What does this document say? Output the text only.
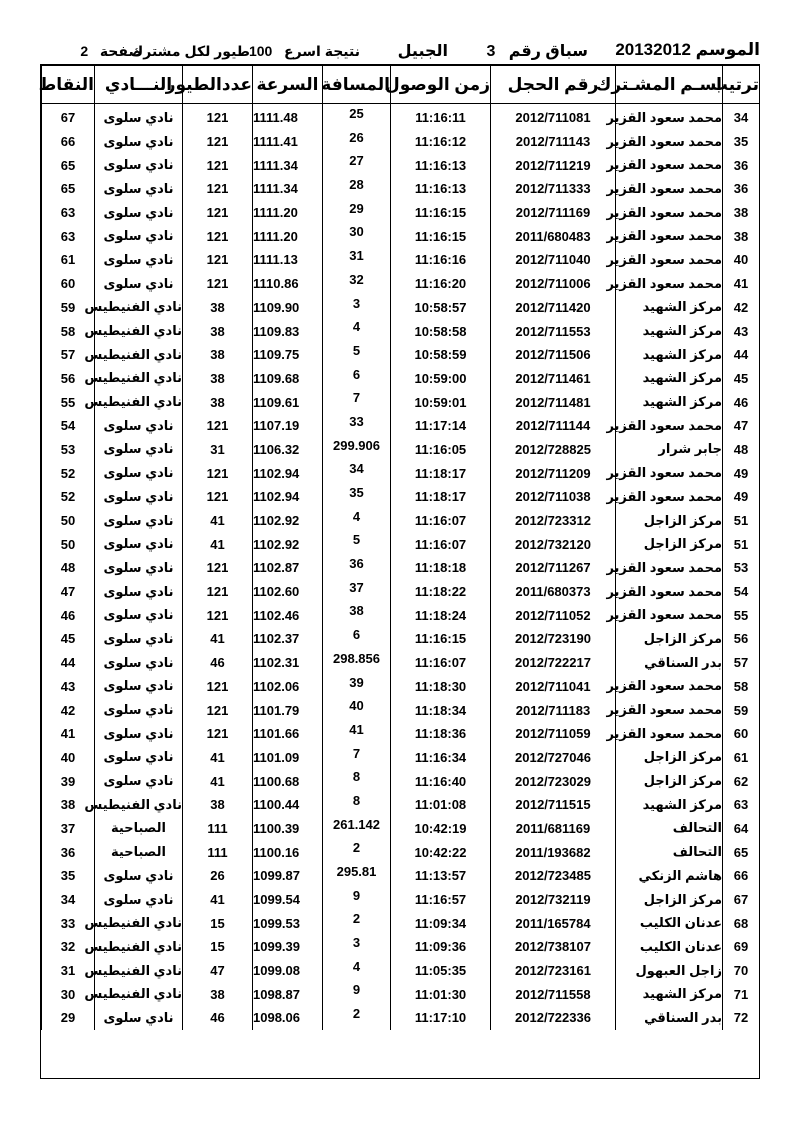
الموسم 20132012
سباق رقم   3
الجبيل
نتيجة اسرع   100
طيور لكل مشترك
صفحة   2
ترتيب	اسـم المشـترك	رقم الحجل	زمن الوصول	المسافة	السرعة	عددالطيور	النـــادي	النقاط
34	محمد سعود القزير	2012/711081	11:16:11	25	1111.48	121	نادي سلوى	67
35	محمد سعود القزير	2012/711143	11:16:12	26	1111.41	121	نادي سلوى	66
36	محمد سعود القزير	2012/711219	11:16:13	27	1111.34	121	نادي سلوى	65
36	محمد سعود القزير	2012/711333	11:16:13	28	1111.34	121	نادي سلوى	65
38	محمد سعود القزير	2012/711169	11:16:15	29	1111.20	121	نادي سلوى	63
38	محمد سعود القزير	2011/680483	11:16:15	30	1111.20	121	نادي سلوى	63
40	محمد سعود القزير	2012/711040	11:16:16	31	1111.13	121	نادي سلوى	61
41	محمد سعود القزير	2012/711006	11:16:20	32	1110.86	121	نادي سلوى	60
42	مركز الشهيد	2012/711420	10:58:57	3	1109.90	38	نادي الفنيطيس	59
43	مركز الشهيد	2012/711553	10:58:58	4	1109.83	38	نادي الفنيطيس	58
44	مركز الشهيد	2012/711506	10:58:59	5	1109.75	38	نادي الفنيطيس	57
45	مركز الشهيد	2012/711461	10:59:00	6	1109.68	38	نادي الفنيطيس	56
46	مركز الشهيد	2012/711481	10:59:01	7	1109.61	38	نادي الفنيطيس	55
47	محمد سعود القزير	2012/711144	11:17:14	33	1107.19	121	نادي سلوى	54
48	جابر شرار	2012/728825	11:16:05	299.906	1106.32	31	نادي سلوى	53
49	محمد سعود القزير	2012/711209	11:18:17	34	1102.94	121	نادي سلوى	52
49	محمد سعود القزير	2012/711038	11:18:17	35	1102.94	121	نادي سلوى	52
51	مركز الزاجل	2012/723312	11:16:07	4	1102.92	41	نادي سلوى	50
51	مركز الزاجل	2012/732120	11:16:07	5	1102.92	41	نادي سلوى	50
53	محمد سعود القزير	2012/711267	11:18:18	36	1102.87	121	نادي سلوى	48
54	محمد سعود القزير	2011/680373	11:18:22	37	1102.60	121	نادي سلوى	47
55	محمد سعود القزير	2012/711052	11:18:24	38	1102.46	121	نادي سلوى	46
56	مركز الزاجل	2012/723190	11:16:15	6	1102.37	41	نادي سلوى	45
57	بدر السناقي	2012/722217	11:16:07	298.856	1102.31	46	نادي سلوى	44
58	محمد سعود القزير	2012/711041	11:18:30	39	1102.06	121	نادي سلوى	43
59	محمد سعود القزير	2012/711183	11:18:34	40	1101.79	121	نادي سلوى	42
60	محمد سعود القزير	2012/711059	11:18:36	41	1101.66	121	نادي سلوى	41
61	مركز الزاجل	2012/727046	11:16:34	7	1101.09	41	نادي سلوى	40
62	مركز الزاجل	2012/723029	11:16:40	8	1100.68	41	نادي سلوى	39
63	مركز الشهيد	2012/711515	11:01:08	8	1100.44	38	نادي الفنيطيس	38
64	التحالف	2011/681169	10:42:19	261.142	1100.39	111	الصباحية	37
65	التحالف	2011/193682	10:42:22	2	1100.16	111	الصباحية	36
66	هاشم الزنكي	2012/723485	11:13:57	295.81	1099.87	26	نادي سلوى	35
67	مركز الزاجل	2012/732119	11:16:57	9	1099.54	41	نادي سلوى	34
68	عدنان الكليب	2011/165784	11:09:34	2	1099.53	15	نادي الفنيطيس	33
69	عدنان الكليب	2012/738107	11:09:36	3	1099.39	15	نادي الفنيطيس	32
70	زاجل العبهول	2012/723161	11:05:35	4	1099.08	47	نادي الفنيطيس	31
71	مركز الشهيد	2012/711558	11:01:30	9	1098.87	38	نادي الفنيطيس	30
72	بدر السناقي	2012/722336	11:17:10	2	1098.06	46	نادي سلوى	29
